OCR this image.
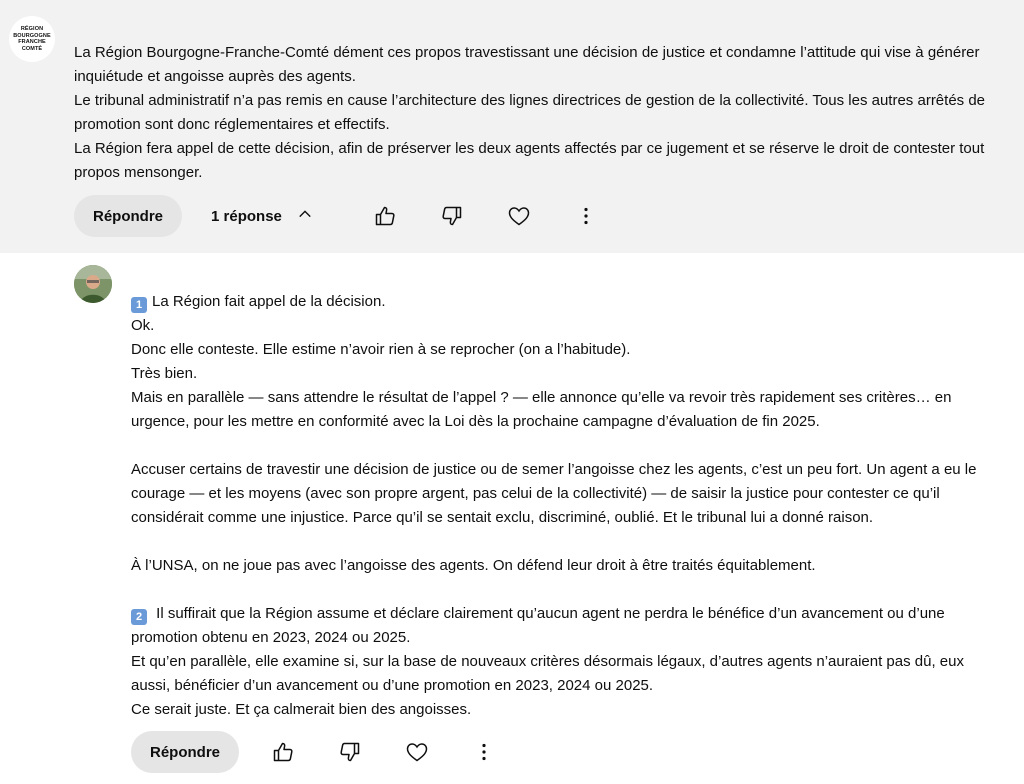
RÉGION
BOURGOGNE
FRANCHE
COMTÉ La Région Bourgogne-Franche-Comté dément ces propos travestissant une décision de justice et condamne l’attitude qui vise à générer inquiétude et angoisse auprès des agents.

Le tribunal administratif n’a pas remis en cause l’architecture des lignes directrices de gestion de la collectivité. Tous les autres arrêtés de promotion sont donc réglementaires et effectifs.

La Région fera appel de cette décision, afin de préserver les deux agents affectés par ce jugement et se réserve le droit de contester tout propos mensonger.

Répondre	1 réponse

1 La Région fait appel de la décision.

Ok.

Donc elle conteste. Elle estime n’avoir rien à se reprocher (on a l’habitude).

Très bien.

Mais en parallèle — sans attendre le résultat de l’appel ? — elle annonce qu’elle va revoir très rapidement ses critères… en urgence, pour les mettre en conformité avec la Loi dès la prochaine campagne d’évaluation de fin 2025.

Accuser certains de travestir une décision de justice ou de semer l’angoisse chez les agents, c’est un peu fort. Un agent a eu le courage — et les moyens (avec son propre argent, pas celui de la collectivité) — de saisir la justice pour contester ce qu’il considérait comme une injustice. Parce qu’il se sentait exclu, discriminé, oublié. Et le tribunal lui a donné raison.

À l’UNSA, on ne joue pas avec l’angoisse des agents. On défend leur droit à être traités équitablement.

2 Il suffirait que la Région assume et déclare clairement qu’aucun agent ne perdra le bénéfice d’un avancement ou d’une promotion obtenu en 2023, 2024 ou 2025.

Et qu’en parallèle, elle examine si, sur la base de nouveaux critères désormais légaux, d’autres agents n’auraient pas dû, eux aussi, bénéficier d’un avancement ou d’une promotion en 2023, 2024 ou 2025.

Ce serait juste. Et ça calmerait bien des angoisses.

Répondre
